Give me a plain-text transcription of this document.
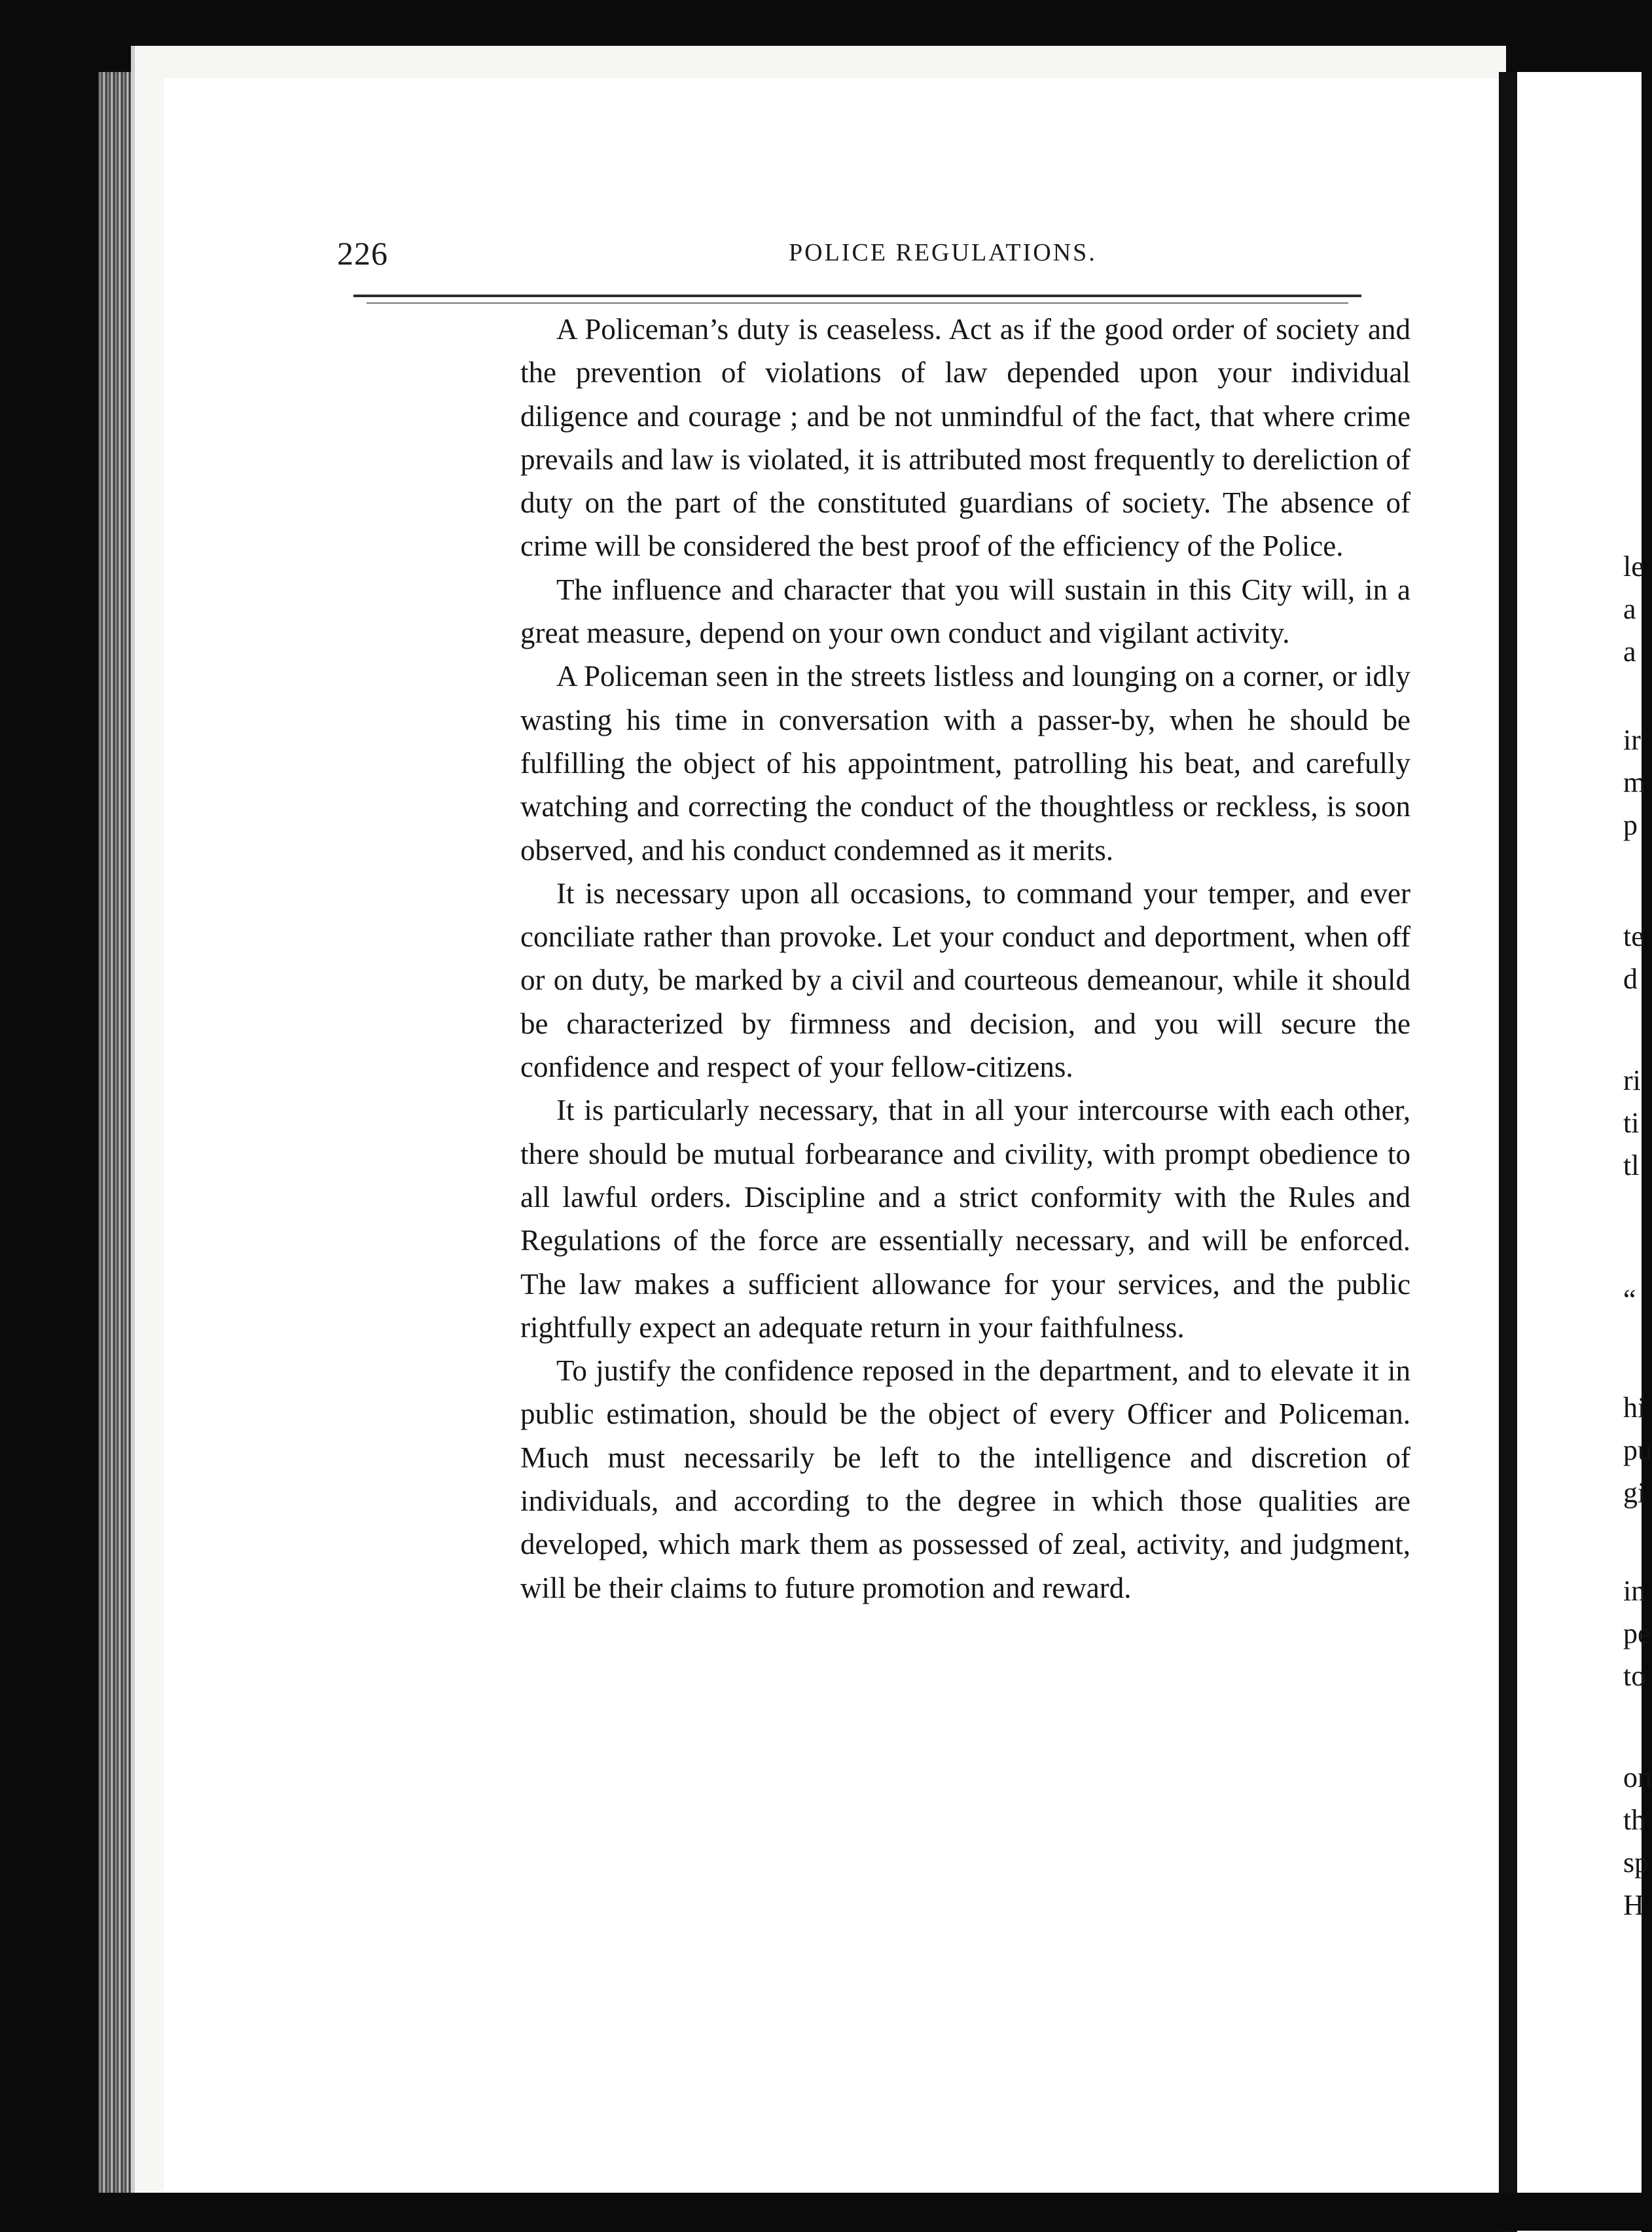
226	POLICE REGULATIONS.

A Policeman’s duty is ceaseless. Act as if the good order of society and the prevention of violations of law depended upon your individual diligence and courage ; and be not unmindful of the fact, that where crime prevails and law is violated, it is attributed most frequently to dereliction of duty on the part of the constituted guardians of society. The absence of crime will be considered the best proof of the efficiency of the Police.

The influence and character that you will sustain in this City will, in a great measure, depend on your own conduct and vigilant activity.

A Policeman seen in the streets listless and lounging on a corner, or idly wasting his time in conversation with a passer-by, when he should be fulfilling the object of his appointment, patrolling his beat, and carefully watching and correcting the conduct of the thoughtless or reckless, is soon observed, and his conduct condemned as it merits.

It is necessary upon all occasions, to command your temper, and ever conciliate rather than provoke. Let your conduct and deportment, when off or on duty, be marked by a civil and courteous demeanour, while it should be characterized by firmness and decision, and you will secure the confidence and respect of your fellow-citizens.

It is particularly necessary, that in all your intercourse with each other, there should be mutual forbearance and civility, with prompt obedience to all lawful orders. Discipline and a strict conformity with the Rules and Regulations of the force are essentially necessary, and will be enforced. The law makes a sufficient allowance for your services, and the public rightfully expect an adequate return in your faithfulness.

To justify the confidence reposed in the department, and to elevate it in public estimation, should be the object of every Officer and Policeman. Much must necessarily be left to the intelligence and discretion of individuals, and according to the degree in which those qualities are developed, which mark them as possessed of zeal, activity, and judgment, will be their claims to future promotion and reward.

le
a
a
ir
m
p
te
d
ri
ti
tl
“
hi
pu
gi
in
pe
to
on
th
sp
H
